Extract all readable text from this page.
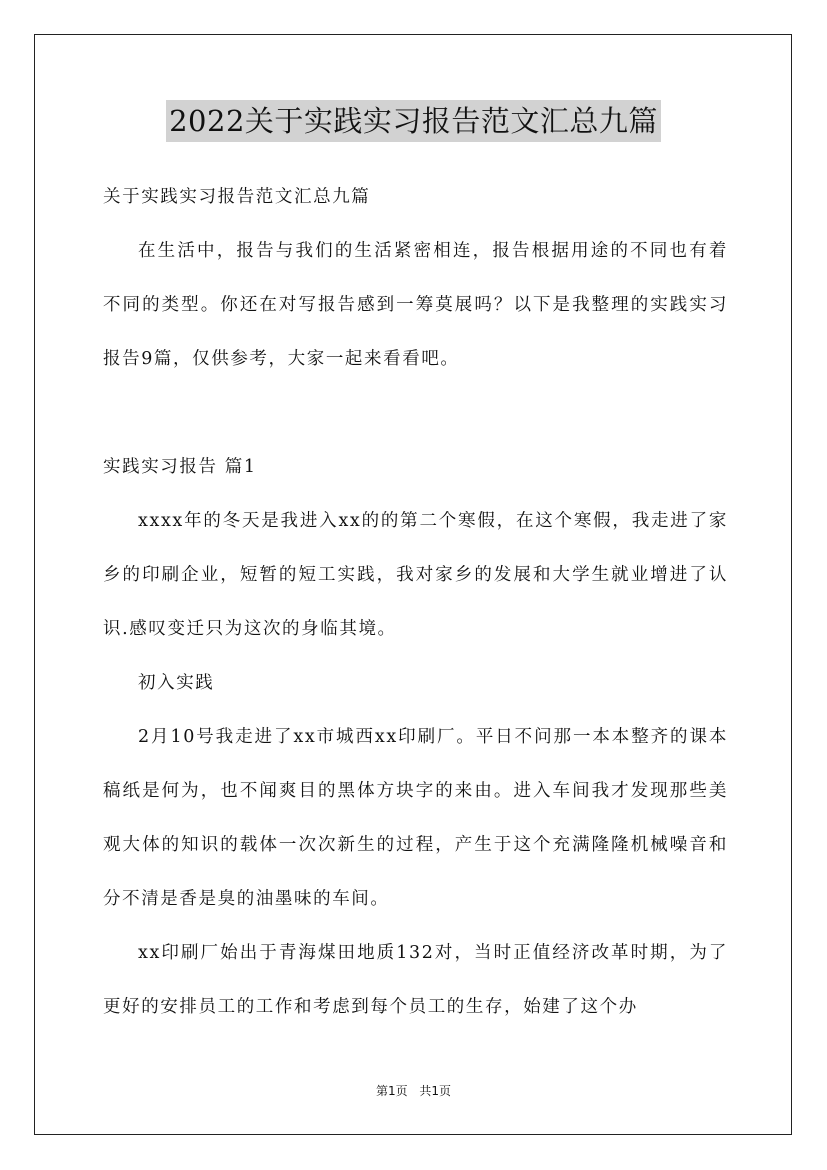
2022关于实践实习报告范文汇总九篇

关于实践实习报告范文汇总九篇

在生活中，报告与我们的生活紧密相连，报告根据用途的不同也有着不同的类型。你还在对写报告感到一筹莫展吗？以下是我整理的实践实习报告9篇，仅供参考，大家一起来看看吧。

实践实习报告 篇1

xxxx年的冬天是我进入xx的的第二个寒假，在这个寒假，我走进了家乡的印刷企业，短暂的短工实践，我对家乡的发展和大学生就业增进了认识.感叹变迁只为这次的身临其境。

初入实践

2月10号我走进了xx市城西xx印刷厂。平日不问那一本本整齐的课本稿纸是何为，也不闻爽目的黑体方块字的来由。进入车间我才发现那些美观大体的知识的载体一次次新生的过程，产生于这个充满隆隆机械噪音和分不清是香是臭的油墨味的车间。

xx印刷厂始出于青海煤田地质132对，当时正值经济改革时期，为了更好的安排员工的工作和考虑到每个员工的生存，始建了这个办

第1页 共1页
